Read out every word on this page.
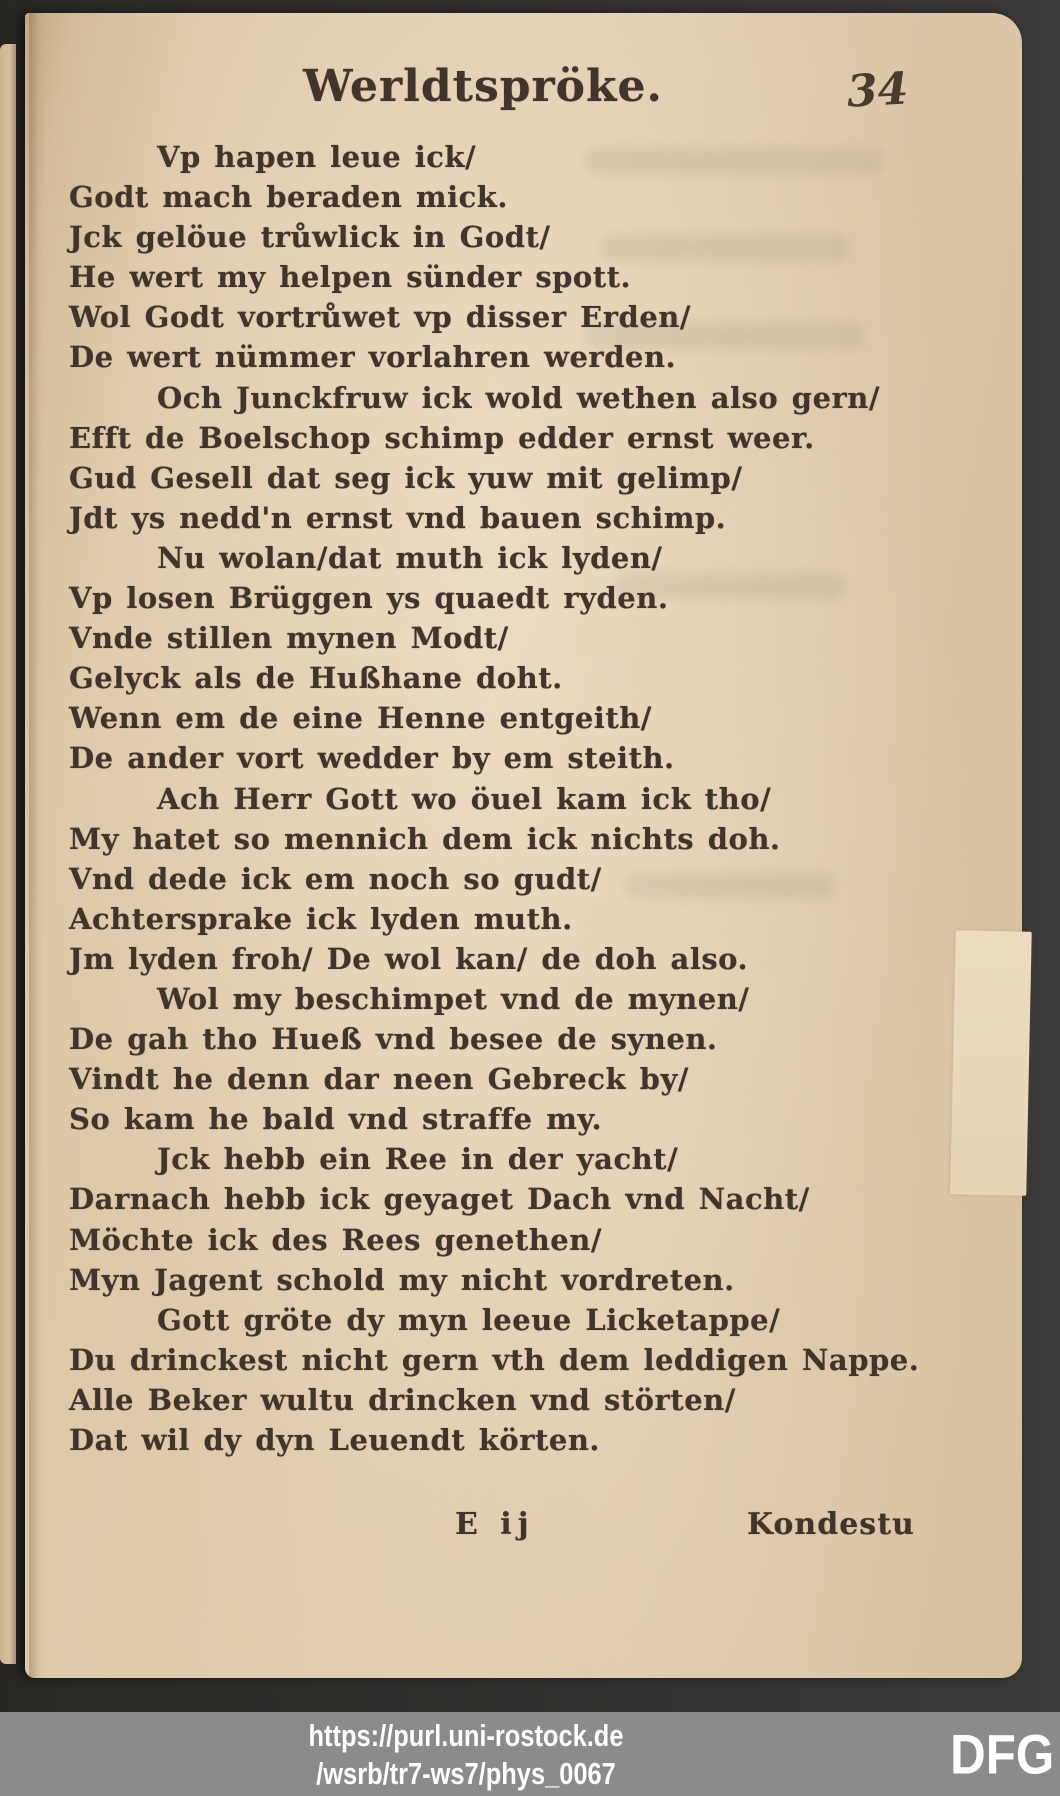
Werldtspröke.	34
Vp hapen leue ick/
Godt mach beraden mick.
Jck gelöue trůwlick in Godt/
He wert my helpen sünder spott.
Wol Godt vortrůwet vp disser Erden/
De wert nümmer vorlahren werden.
Och Junckfruw ick wold wethen also gern/
Efft de Boelschop schimp edder ernst weer.
Gud Gesell dat seg ick yuw mit gelimp/
Jdt ys nedd'n ernst vnd bauen schimp.
Nu wolan/dat muth ick lyden/
Vp losen Brüggen ys quaedt ryden.
Vnde stillen mynen Modt/
Gelyck als de Hußhane doht.
Wenn em de eine Henne entgeith/
De ander vort wedder by em steith.
Ach Herr Gott wo öuel kam ick tho/
My hatet so mennich dem ick nichts doh.
Vnd dede ick em noch so gudt/
Achtersprake ick lyden muth.
Jm lyden froh/ De wol kan/ de doh also.
Wol my beschimpet vnd de mynen/
De gah tho Hueß vnd besee de synen.
Vindt he denn dar neen Gebreck by/
So kam he bald vnd straffe my.
Jck hebb ein Ree in der yacht/
Darnach hebb ick geyaget Dach vnd Nacht/
Möchte ick des Rees genethen/
Myn Jagent schold my nicht vordreten.
Gott gröte dy myn leeue Licketappe/
Du drinckest nicht gern vth dem leddigen Nappe.
Alle Beker wultu drincken vnd störten/
Dat wil dy dyn Leuendt körten.
E ij	Kondestu
https://purl.uni-rostock.de
/wsrb/tr7-ws7/phys_0067	DFG
